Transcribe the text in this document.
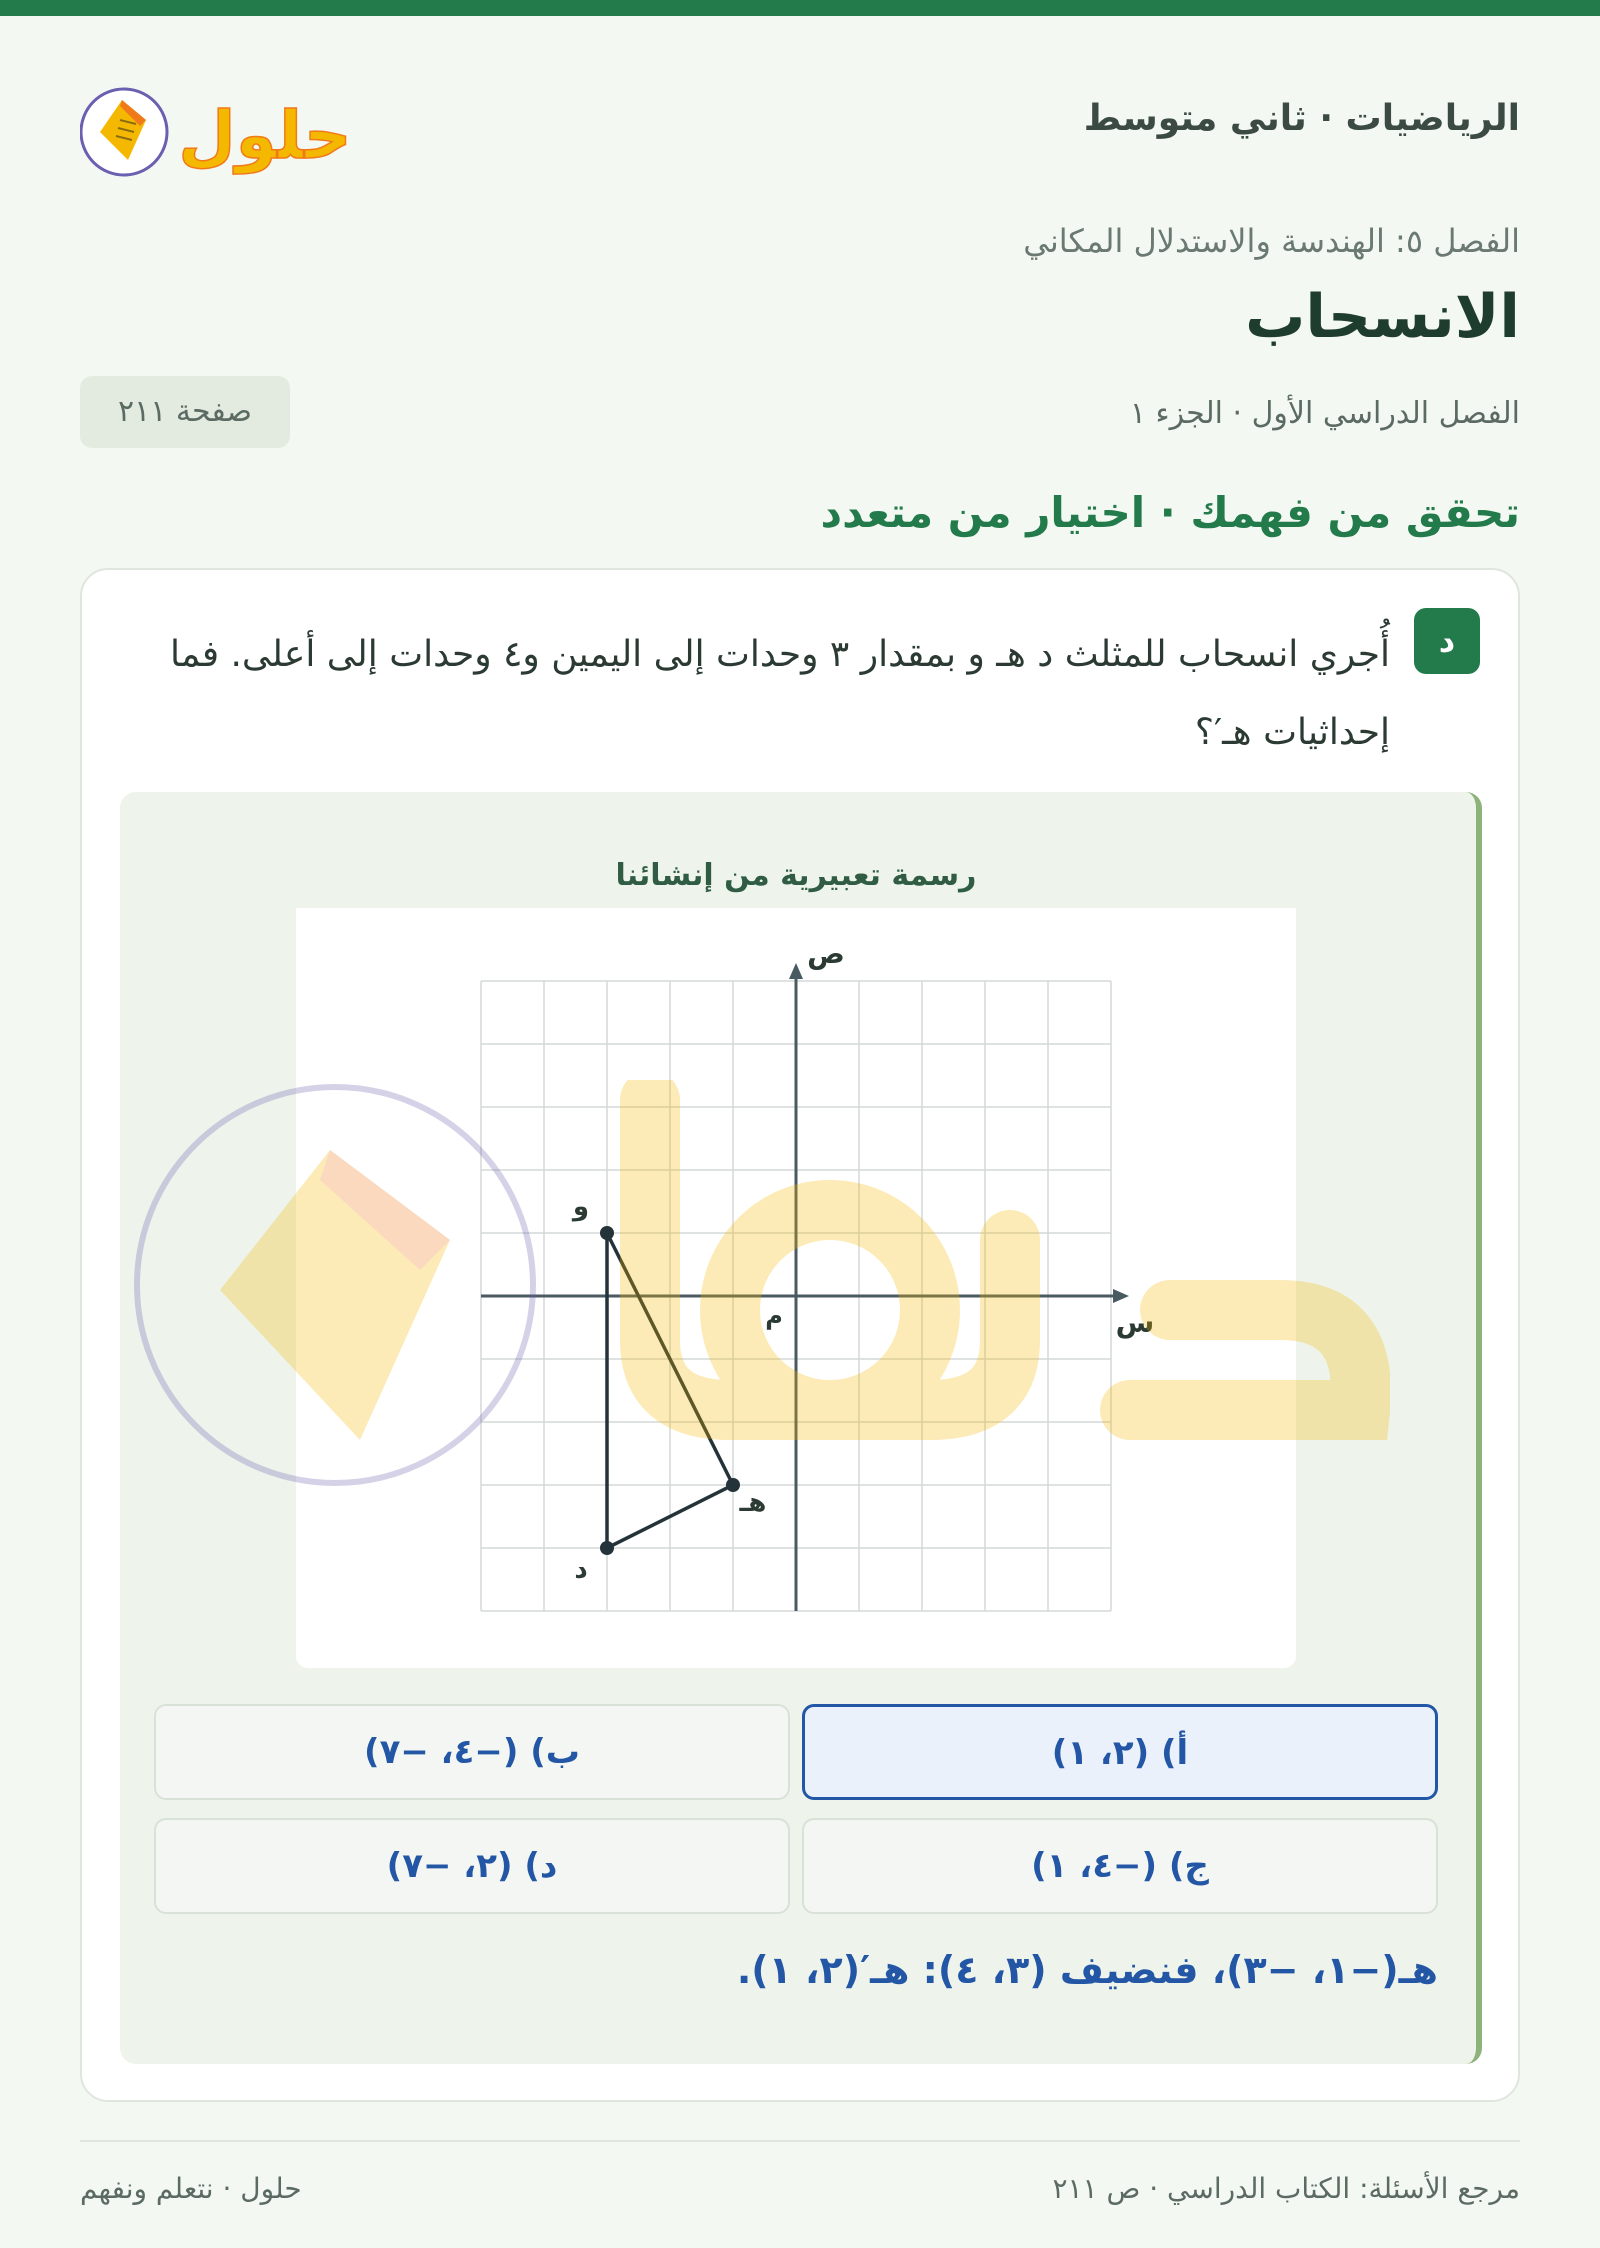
الرياضيات · ثاني متوسط
حلول
الفصل ٥: الهندسة والاستدلال المكاني
الانسحاب
الفصل الدراسي الأول · الجزء ١
صفحة ٢١١
تحقق من فهمك · اختيار من متعدد
د
أُجري انسحاب للمثلث د هـ و بمقدار ٣ وحدات إلى اليمين و٤ وحدات إلى أعلى. فما إحداثيات هـ′؟
رسمة تعبيرية من إنشائنا
و
هـ
د
ص
س
م
أ) (٢، ١)
ب) (−٤، −٧)
ج) (−٤، ١)
د) (٢، −٧)
هـ(−١، −٣)، فنضيف (٣، ٤): هـ′(٢، ١).
مرجع الأسئلة: الكتاب الدراسي · ص ٢١١
حلول · نتعلم ونفهم
